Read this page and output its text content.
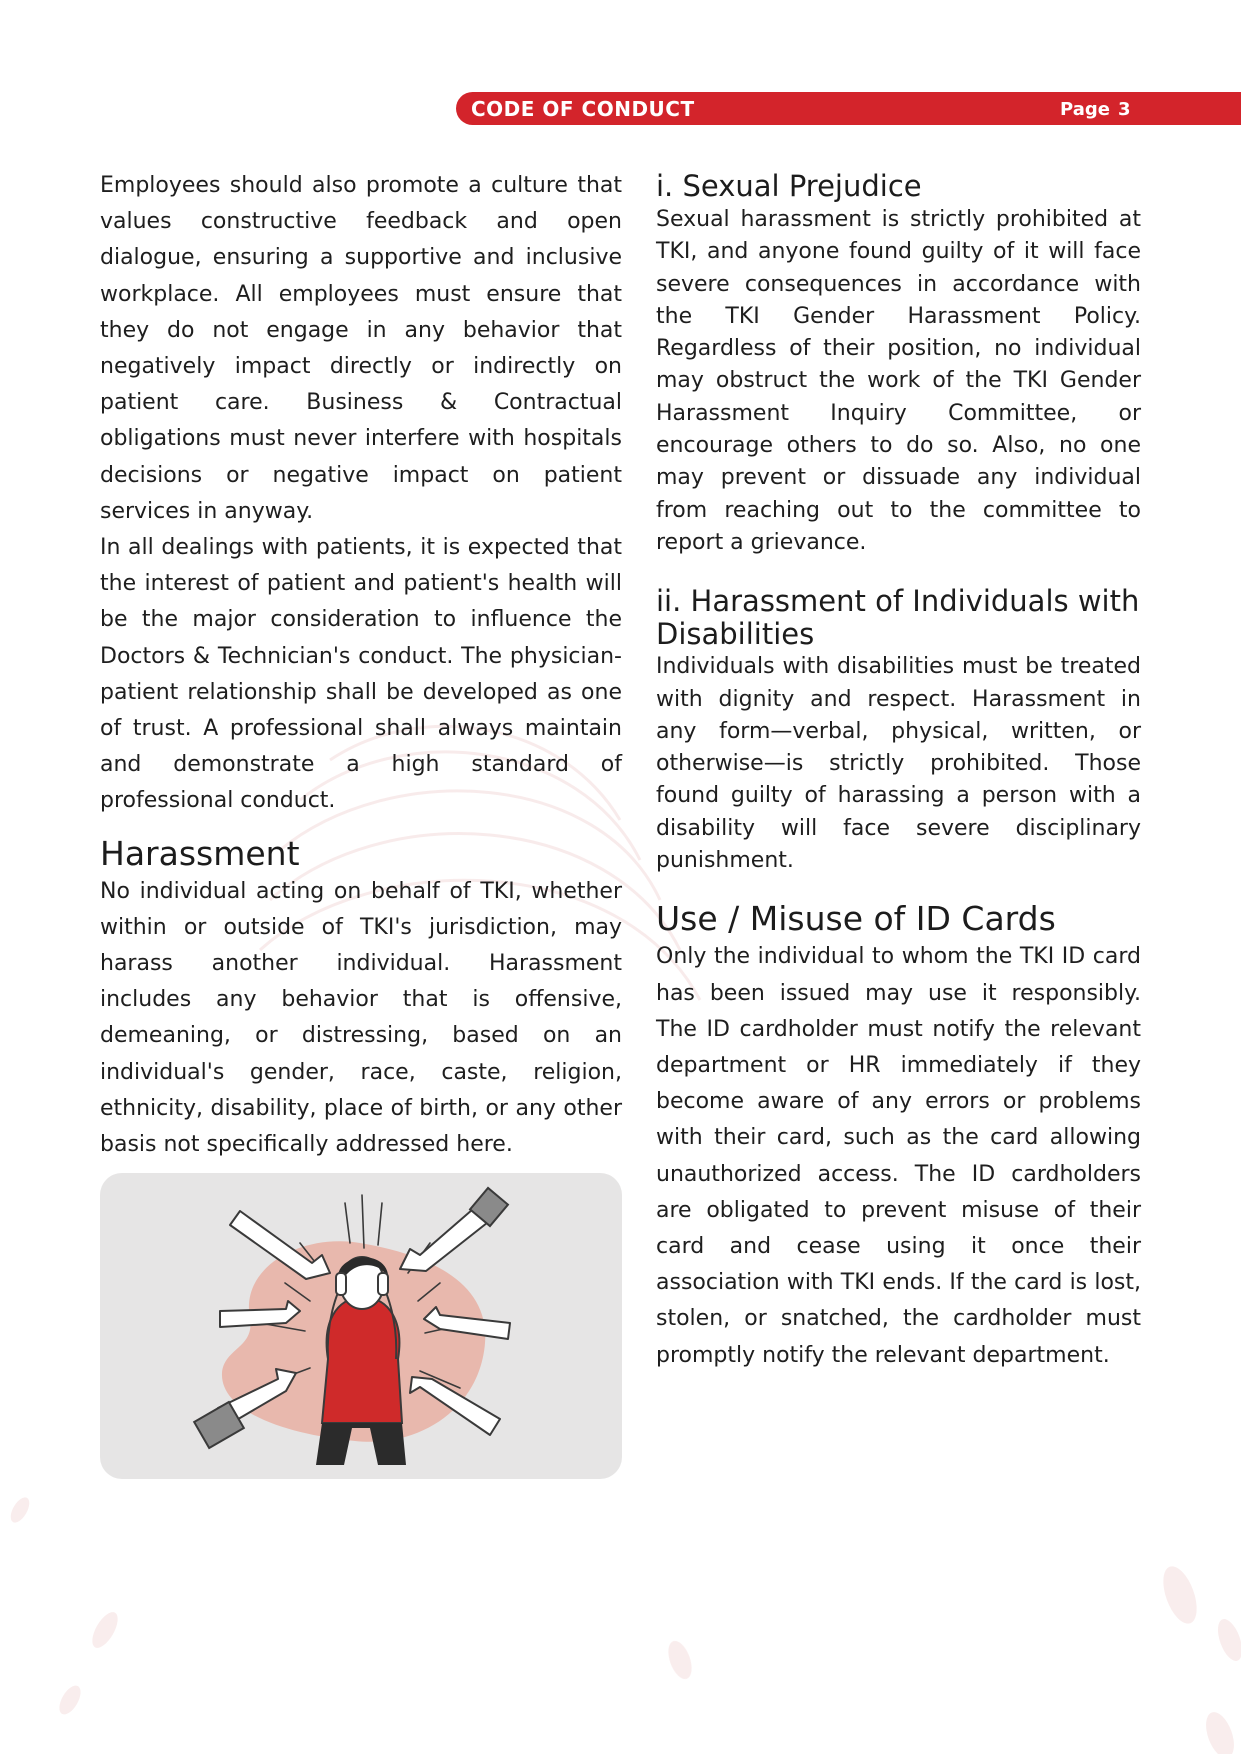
CODE OF CONDUCT	Page 3

Employees should also promote a culture that values constructive feedback and open dialogue, ensuring a supportive and inclusive workplace. All employees must ensure that they do not engage in any behavior that negatively impact directly or indirectly on patient care. Business & Contractual obligations must never interfere with hospitals decisions or negative impact on patient services in anyway.

In all dealings with patients, it is expected that the interest of patient and patient's health will be the major consideration to influence the Doctors & Technician's conduct. The physician-patient relationship shall be developed as one of trust. A professional shall always maintain and demonstrate a high standard of professional conduct.

Harassment

No individual acting on behalf of TKI, whether within or outside of TKI's jurisdiction, may harass another individual. Harassment includes any behavior that is offensive, demeaning, or distressing, based on an individual's gender, race, caste, religion, ethnicity, disability, place of birth, or any other basis not specifically addressed here.

i. Sexual Prejudice

Sexual harassment is strictly prohibited at TKI, and anyone found guilty of it will face severe consequences in accordance with the TKI Gender Harassment Policy. Regardless of their position, no individual may obstruct the work of the TKI Gender Harassment Inquiry Committee, or encourage others to do so. Also, no one may prevent or dissuade any individual from reaching out to the committee to report a grievance.

ii. Harassment of Individuals with Disabilities

Individuals with disabilities must be treated with dignity and respect. Harassment in any form—verbal, physical, written, or otherwise—is strictly prohibited. Those found guilty of harassing a person with a disability will face severe disciplinary punishment.

Use / Misuse of ID Cards

Only the individual to whom the TKI ID card has been issued may use it responsibly. The ID cardholder must notify the relevant department or HR immediately if they become aware of any errors or problems with their card, such as the card allowing unauthorized access. The ID cardholders are obligated to prevent misuse of their card and cease using it once their association with TKI ends. If the card is lost, stolen, or snatched, the cardholder must promptly notify the relevant department.
